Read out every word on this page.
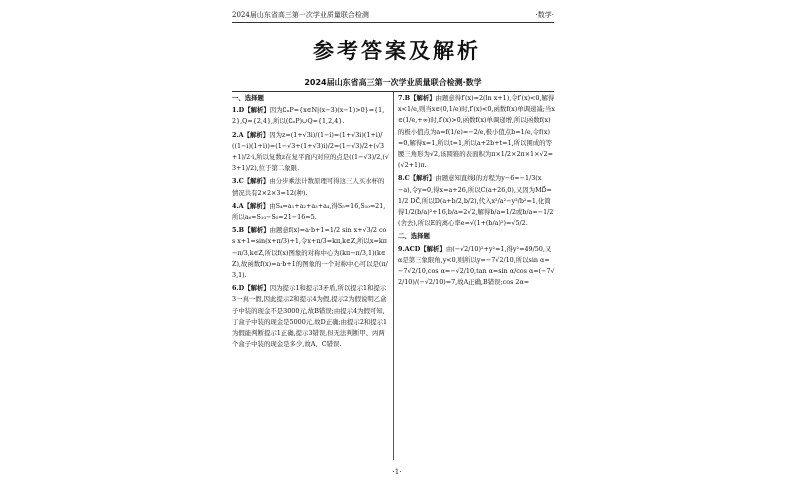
2024届山东省高三第一次学业质量联合检测	·数学·
参考答案及解析
2024届山东省高三第一次学业质量联合检测·数学
一、选择题
1.D【解析】因为∁ₙP={x∈N|(x−3)(x−1)>0}={1,2},Q={2,4},所以(∁ₙP)∪Q={1,2,4}.
2.A【解析】因为z=(1+√3i)/(1−i)=(1+√3i)(1+i)/((1−i)(1+i))=(1−√3+(1+√3)i)/2=(1−√3)/2+(√3+1)/2·i,所以复数z在复平面内对应的点是((1−√3)/2,(√3+1)/2),位于第二象限.
3.C【解析】由分步乘法计数原理可得这三人买水杯的情况共有2×2×3=12(种).
4.A【解析】由S₄=a₁+a₂+a₃+a₄,得S₅=16,S₁₀=21,所以a₆=S₁₀−S₅=21−16=5.
5.B【解析】由题意f(x)=a·b+1=1/2 sin x+√3/2 cos x+1=sin(x+π/3)+1,令x+π/3=kπ,k∈Z,所以x=kπ−π/3,k∈Z,所以f(x)图象的对称中心为(kπ−π/3,1)(k∈Z),故函数f(x)=a·b+1的图象的一个对称中心可以是(π/3,1).
6.D【解析】因为提示1和提示3矛盾,所以提示1和提示3一真一假,因此提示2和提示4为假,提示2为假说明乙盒子中装的现金不是3000元,故B错误;由提示4为假可知,丁盒子中装的现金是5000元,故D正确;由提示2和提示1为假能判断提示1正确,提示3错误,但无法判断甲、丙两个盒子中装的现金是多少,故A、C错误.
7.B【解析】由题意得f′(x)=2(ln x+1),令f′(x)<0,解得x<1/e,则当x∈(0,1/e)时,f′(x)<0,函数f(x)单调递减;当x∈(1/e,+∞)时,f′(x)>0,函数f(x)单调递增,所以函数f(x)的极小值点为a=f(1/e)=−2/e,极小值点b=1/e,令f(x)=0,解得x=1,所以t=1,所以a+2b+t=1,所以围成的等腰三角形为√2,该圆锥的表面积为π×1/2×2π×1×√2=(√2+1)π.
8.C【解析】由题意知直线l的方程为y−6=−1/3(x−a),令y=0,得x=a+26,所以C(a+26,0),又因为MD⃗=1/2 DC⃗,所以D(a+b/2,b/2),代入x²/a²−y²/b²=1,化简得1/2(b/a)²+16,b/a=2√2,解得b/a=1/2或b/a=−1/2(舍去),所以E的离心率e=√(1+(b/a)²)=√5/2.
二、选择题
9.ACD【解析】由(−√2/10)²+y²=1,得y²=49/50,又α是第三象限角,y<0,则所以y=−7√2/10,所以sin α=−7√2/10,cos α=−√2/10,tan α=sin α/cos α=(−7√2/10)/(−√2/10)=7,故A正确,B错误;cos 2α=
·1·
